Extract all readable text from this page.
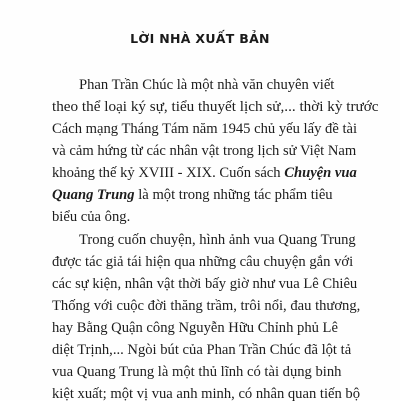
LỜI NHÀ XUẤT BẢN
Phan Trần Chúc là một nhà văn chuyên viết
theo thể loại ký sự, tiểu thuyết lịch sử,... thời kỳ trước
Cách mạng Tháng Tám năm 1945 chủ yếu lấy đề tài
và cảm hứng từ các nhân vật trong lịch sử Việt Nam
khoảng thế kỷ XVIII - XIX. Cuốn sách Chuyện vua
Quang Trung là một trong những tác phẩm tiêu
biểu của ông.
Trong cuốn chuyện, hình ảnh vua Quang Trung
được tác giả tái hiện qua những câu chuyện gắn với
các sự kiện, nhân vật thời bấy giờ như vua Lê Chiêu
Thống với cuộc đời thăng trầm, trôi nổi, đau thương,
hay Bằng Quận công Nguyễn Hữu Chỉnh phủ Lê
diệt Trịnh,... Ngòi bút của Phan Trần Chúc đã lột tả
vua Quang Trung là một thủ lĩnh có tài dụng binh
kiệt xuất; một vị vua anh minh, có nhân quan tiến bộ
